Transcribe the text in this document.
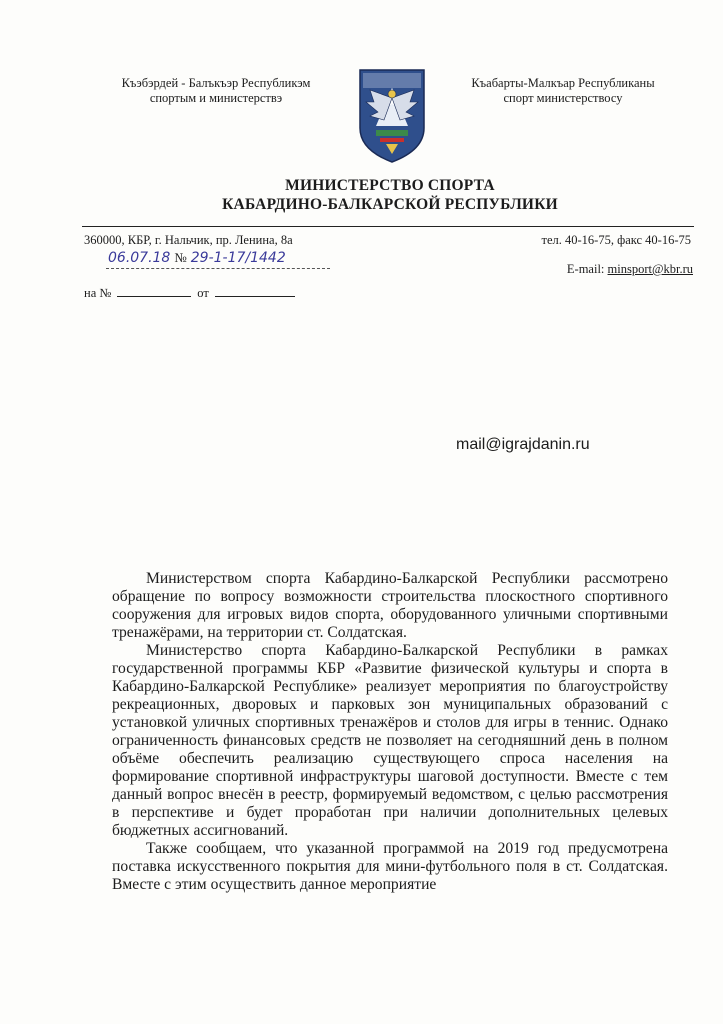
Къэбэрдей - Балъкъэр Республикэм
спортым и министерствэ
Къабарты-Малкъар Республиканы
спорт министерствосу
МИНИСТЕРСТВО СПОРТА
КАБАРДИНО-БАЛКАРСКОЙ РЕСПУБЛИКИ
360000, КБР, г. Нальчик, пр. Ленина, 8а	тел. 40-16-75, факс 40-16-75
E-mail: minsport@kbr.ru
06.07.18 № 29-1-17/1442
на №	от
mail@igrajdanin.ru

Министерством спорта Кабардино-Балкарской Республики рассмотрено обращение по вопросу возможности строительства плоскостного спортивного сооружения для игровых видов спорта, оборудованного уличными спортивными тренажёрами, на территории ст. Солдатская.

Министерство спорта Кабардино-Балкарской Республики в рамках государственной программы КБР «Развитие физической культуры и спорта в Кабардино-Балкарской Республике» реализует мероприятия по благоустройству рекреационных, дворовых и парковых зон муниципальных образований с установкой уличных спортивных тренажёров и столов для игры в теннис. Однако ограниченность финансовых средств не позволяет на сегодняшний день в полном объёме обеспечить реализацию существующего спроса населения на формирование спортивной инфраструктуры шаговой доступности. Вместе с тем данный вопрос внесён в реестр, формируемый ведомством, с целью рассмотрения в перспективе и будет проработан при наличии дополнительных целевых бюджетных ассигнований.

Также сообщаем, что указанной программой на 2019 год предусмотрена поставка искусственного покрытия для мини-футбольного поля в ст. Солдатская. Вместе с этим осуществить данное мероприятие
